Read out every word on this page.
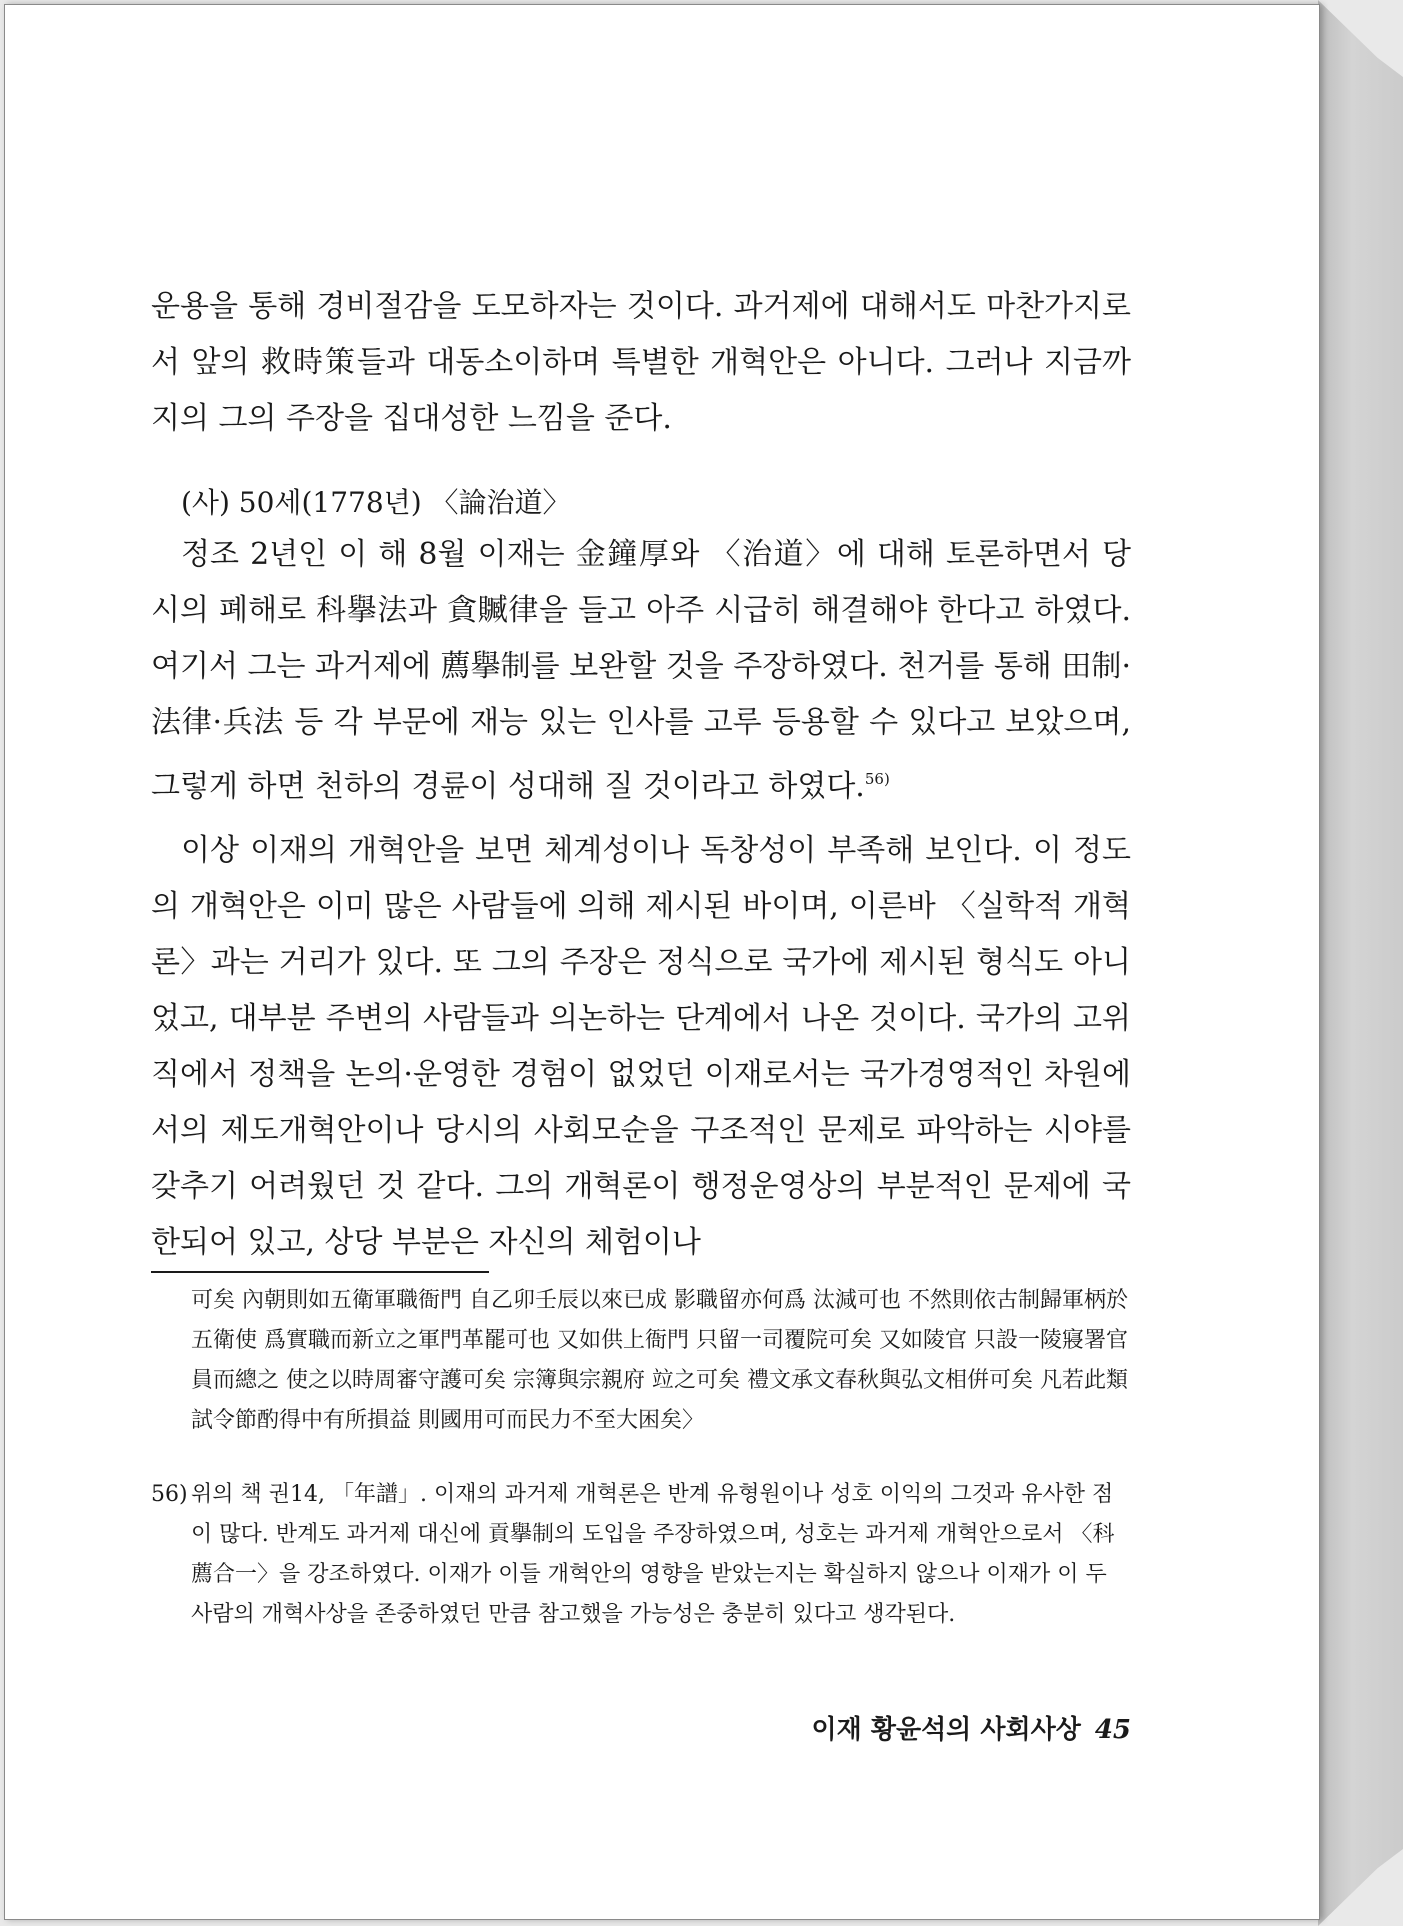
운용을 통해 경비절감을 도모하자는 것이다. 과거제에 대해서도 마찬가지로서 앞의 救時策들과 대동소이하며 특별한 개혁안은 아니다. 그러나 지금까지의 그의 주장을 집대성한 느낌을 준다.

(사) 50세(1778년) 〈論治道〉

정조 2년인 이 해 8월 이재는 金鐘厚와 〈治道〉에 대해 토론하면서 당시의 폐해로 科擧法과 貪贓律을 들고 아주 시급히 해결해야 한다고 하였다. 여기서 그는 과거제에 薦擧制를 보완할 것을 주장하였다. 천거를 통해 田制·法律·兵法 등 각 부문에 재능 있는 인사를 고루 등용할 수 있다고 보았으며, 그렇게 하면 천하의 경륜이 성대해 질 것이라고 하였다.$^{56)}$

이상 이재의 개혁안을 보면 체계성이나 독창성이 부족해 보인다. 이 정도의 개혁안은 이미 많은 사람들에 의해 제시된 바이며, 이른바 〈실학적 개혁론〉과는 거리가 있다. 또 그의 주장은 정식으로 국가에 제시된 형식도 아니었고, 대부분 주변의 사람들과 의논하는 단계에서 나온 것이다. 국가의 고위직에서 정책을 논의·운영한 경험이 없었던 이재로서는 국가경영적인 차원에서의 제도개혁안이나 당시의 사회모순을 구조적인 문제로 파악하는 시야를 갖추기 어려웠던 것 같다. 그의 개혁론이 행정운영상의 부분적인 문제에 국한되어 있고, 상당 부분은 자신의 체험이나

可矣 內朝則如五衛軍職衙門 自乙卯壬辰以來已成 影職留亦何爲 汰減可也 不然則依古制歸軍柄於五衛使 爲實職而新立之軍門革罷可也 又如供上衙門 只留一司覆院可矣 又如陵官 只設一陵寢署官員而總之 使之以時周審守護可矣 宗簿與宗親府 竝之可矣 禮文承文春秋與弘文相倂可矣 凡若此類試令節酌得中有所損益 則國用可而民力不至大困矣〉

56) 위의 책 권14, 「年譜」. 이재의 과거제 개혁론은 반계 유형원이나 성호 이익의 그것과 유사한 점이 많다. 반계도 과거제 대신에 貢擧制의 도입을 주장하였으며, 성호는 과거제 개혁안으로서 〈科薦合一〉을 강조하였다. 이재가 이들 개혁안의 영향을 받았는지는 확실하지 않으나 이재가 이 두 사람의 개혁사상을 존중하였던 만큼 참고했을 가능성은 충분히 있다고 생각된다.
이재 황윤석의 사회사상 45
